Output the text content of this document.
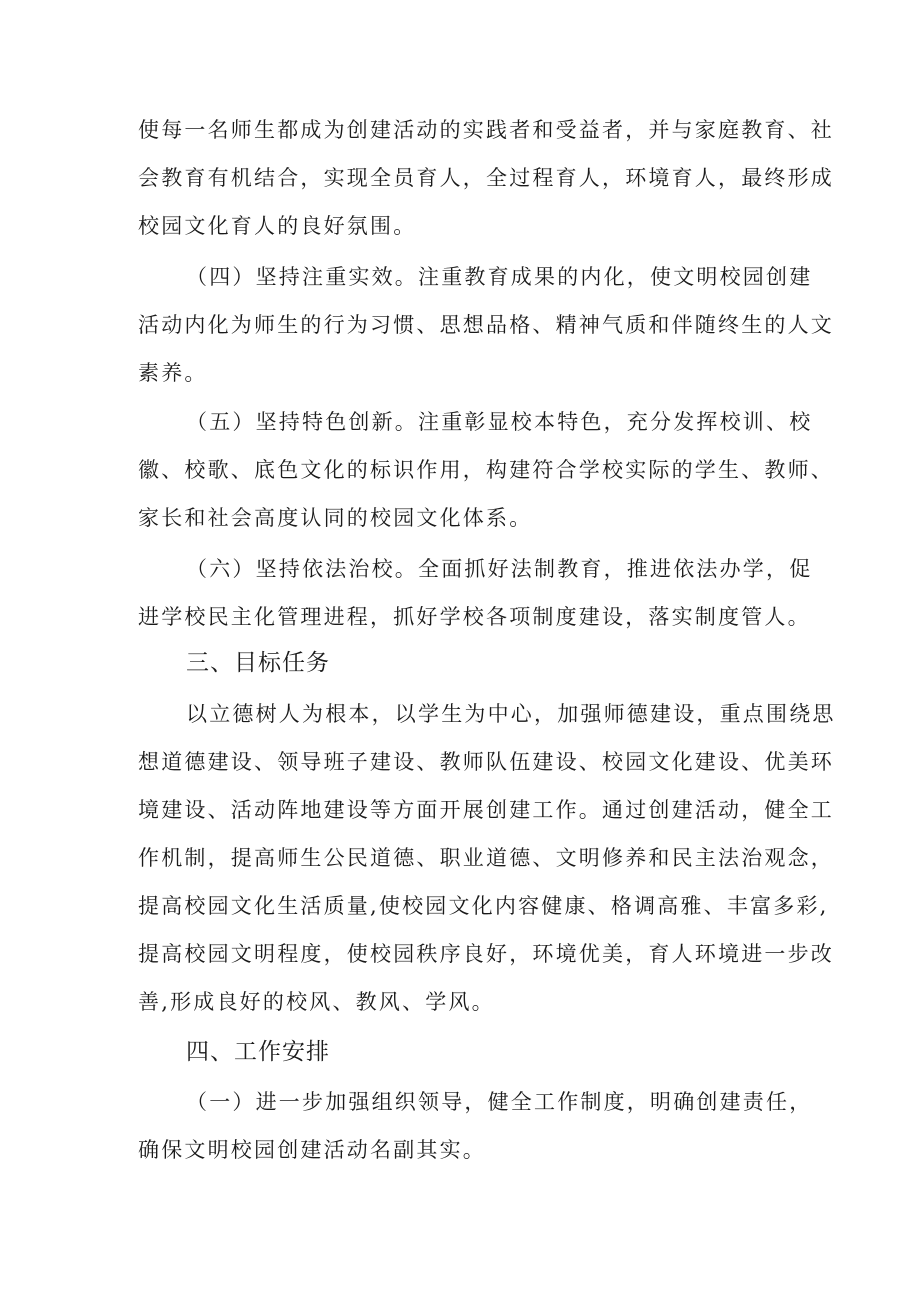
使每一名师生都成为创建活动的实践者和受益者，并与家庭教育、社
会教育有机结合，实现全员育人，全过程育人，环境育人，最终形成
校园文化育人的良好氛围。

（四）坚持注重实效。注重教育成果的内化，使文明校园创建
活动内化为师生的行为习惯、思想品格、精神气质和伴随终生的人文
素养。

（五）坚持特色创新。注重彰显校本特色，充分发挥校训、校
徽、校歌、底色文化的标识作用，构建符合学校实际的学生、教师、
家长和社会高度认同的校园文化体系。

（六）坚持依法治校。全面抓好法制教育，推进依法办学，促
进学校民主化管理进程，抓好学校各项制度建设，落实制度管人。

三、目标任务

以立德树人为根本，以学生为中心，加强师德建设，重点围绕思
想道德建设、领导班子建设、教师队伍建设、校园文化建设、优美环
境建设、活动阵地建设等方面开展创建工作。通过创建活动，健全工
作机制，提高师生公民道德、职业道德、文明修养和民主法治观念，
提高校园文化生活质量,使校园文化内容健康、格调高雅、丰富多彩,
提高校园文明程度，使校园秩序良好，环境优美，育人环境进一步改
善,形成良好的校风、教风、学风。

四、工作安排

（一）进一步加强组织领导，健全工作制度，明确创建责任，
确保文明校园创建活动名副其实。
